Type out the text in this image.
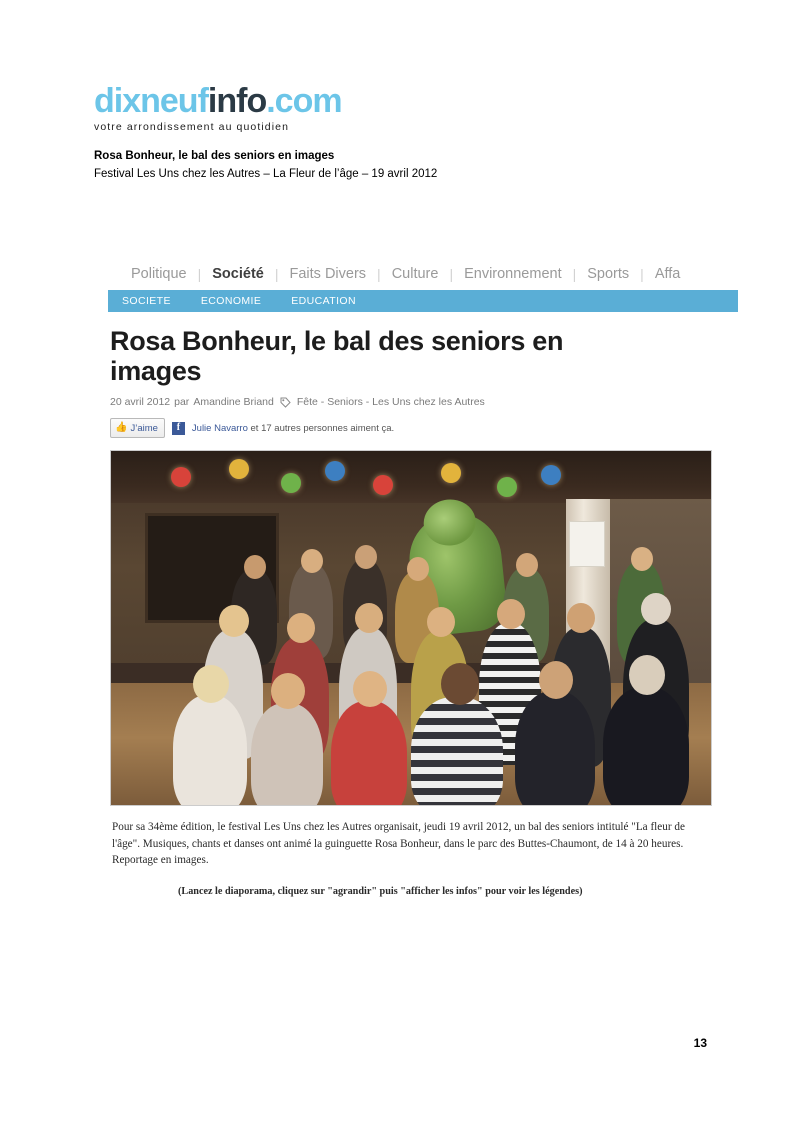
dixneufinfo.com
votre arrondissement au quotidien
Rosa Bonheur, le bal des seniors en images
Festival Les Uns chez les Autres – La Fleur de l’âge – 19 avril 2012
Politique | Société | Faits Divers | Culture | Environnement | Sports | Affa
SOCIETE	ECONOMIE	EDUCATION
Rosa Bonheur, le bal des seniors en images
20 avril 2012 par Amandine Briand Fête - Seniors - Les Uns chez les Autres
👍 J’aime	f	Julie Navarro et 17 autres personnes aiment ça.
Pour sa 34ème édition, le festival Les Uns chez les Autres organisait, jeudi 19 avril 2012, un bal des seniors intitulé "La fleur de l'âge". Musiques, chants et danses ont animé la guinguette Rosa Bonheur, dans le parc des Buttes-Chaumont, de 14 à 20 heures. Reportage en images.
(Lancez le diaporama, cliquez sur "agrandir" puis "afficher les infos" pour voir les légendes)
13
